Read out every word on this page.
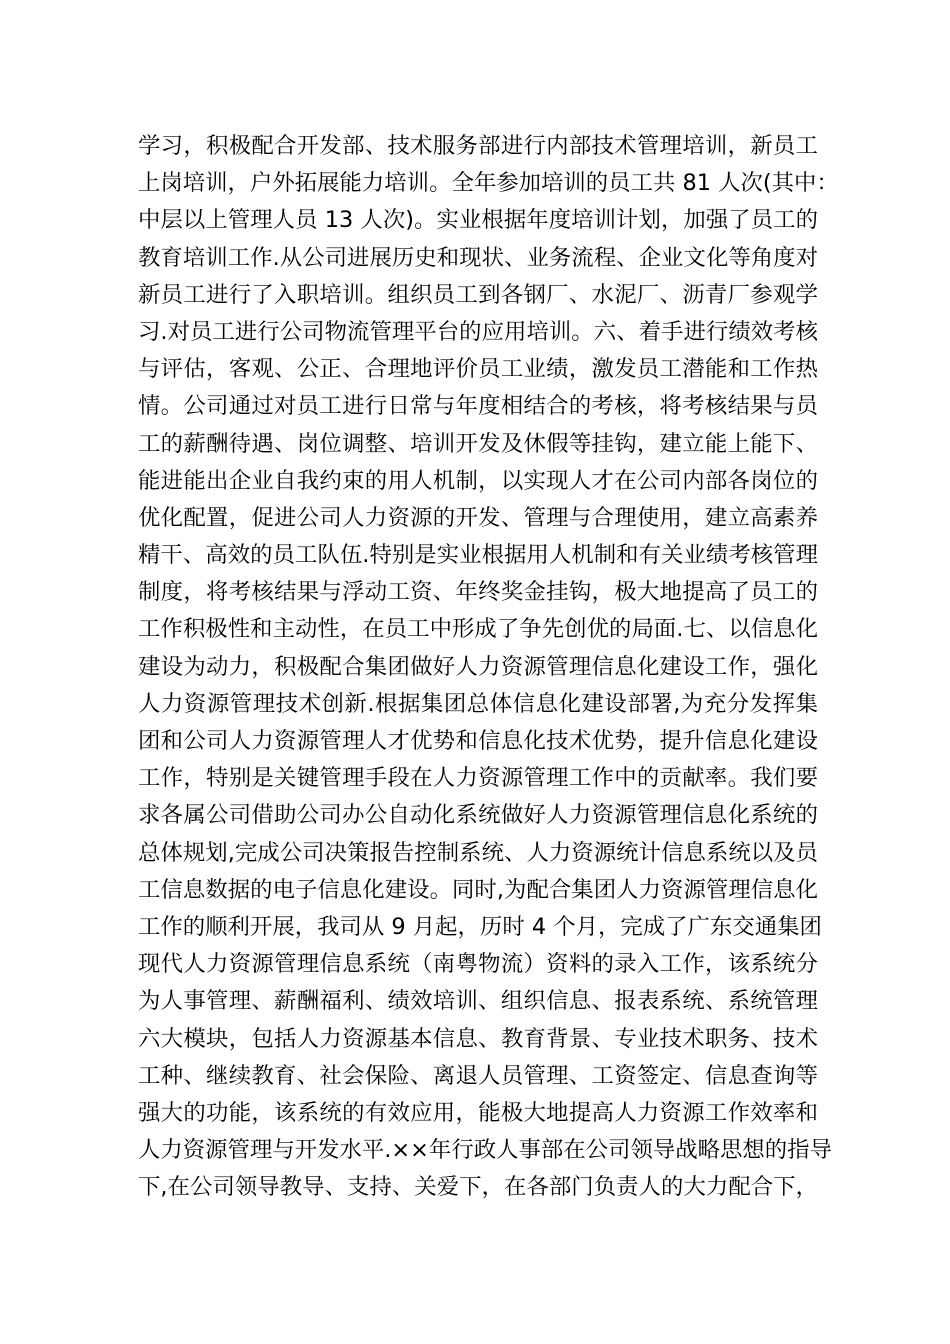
学习，积极配合开发部、技术服务部进行内部技术管理培训，新员工
上岗培训，户外拓展能力培训。全年参加培训的员工共 81 人次(其中：
中层以上管理人员 13 人次)。实业根据年度培训计划，加强了员工的
教育培训工作.从公司进展历史和现状、业务流程、企业文化等角度对
新员工进行了入职培训。组织员工到各钢厂、水泥厂、沥青厂参观学
习.对员工进行公司物流管理平台的应用培训。六、着手进行绩效考核
与评估，客观、公正、合理地评价员工业绩，激发员工潜能和工作热
情。公司通过对员工进行日常与年度相结合的考核，将考核结果与员
工的薪酬待遇、岗位调整、培训开发及休假等挂钩，建立能上能下、
能进能出企业自我约束的用人机制，以实现人才在公司内部各岗位的
优化配置，促进公司人力资源的开发、管理与合理使用，建立高素养
精干、高效的员工队伍.特别是实业根据用人机制和有关业绩考核管理
制度，将考核结果与浮动工资、年终奖金挂钩，极大地提高了员工的
工作积极性和主动性，在员工中形成了争先创优的局面.七、以信息化
建设为动力，积极配合集团做好人力资源管理信息化建设工作，强化
人力资源管理技术创新.根据集团总体信息化建设部署,为充分发挥集
团和公司人力资源管理人才优势和信息化技术优势，提升信息化建设
工作，特别是关键管理手段在人力资源管理工作中的贡献率。我们要
求各属公司借助公司办公自动化系统做好人力资源管理信息化系统的
总体规划,完成公司决策报告控制系统、人力资源统计信息系统以及员
工信息数据的电子信息化建设。同时,为配合集团人力资源管理信息化
工作的顺利开展，我司从 9 月起，历时 4 个月，完成了广东交通集团
现代人力资源管理信息系统（南粤物流）资料的录入工作，该系统分
为人事管理、薪酬福利、绩效培训、组织信息、报表系统、系统管理
六大模块，包括人力资源基本信息、教育背景、专业技术职务、技术
工种、继续教育、社会保险、离退人员管理、工资签定、信息查询等
强大的功能，该系统的有效应用，能极大地提高人力资源工作效率和
人力资源管理与开发水平.××年行政人事部在公司领导战略思想的指导
下,在公司领导教导、支持、关爱下，在各部门负责人的大力配合下，
